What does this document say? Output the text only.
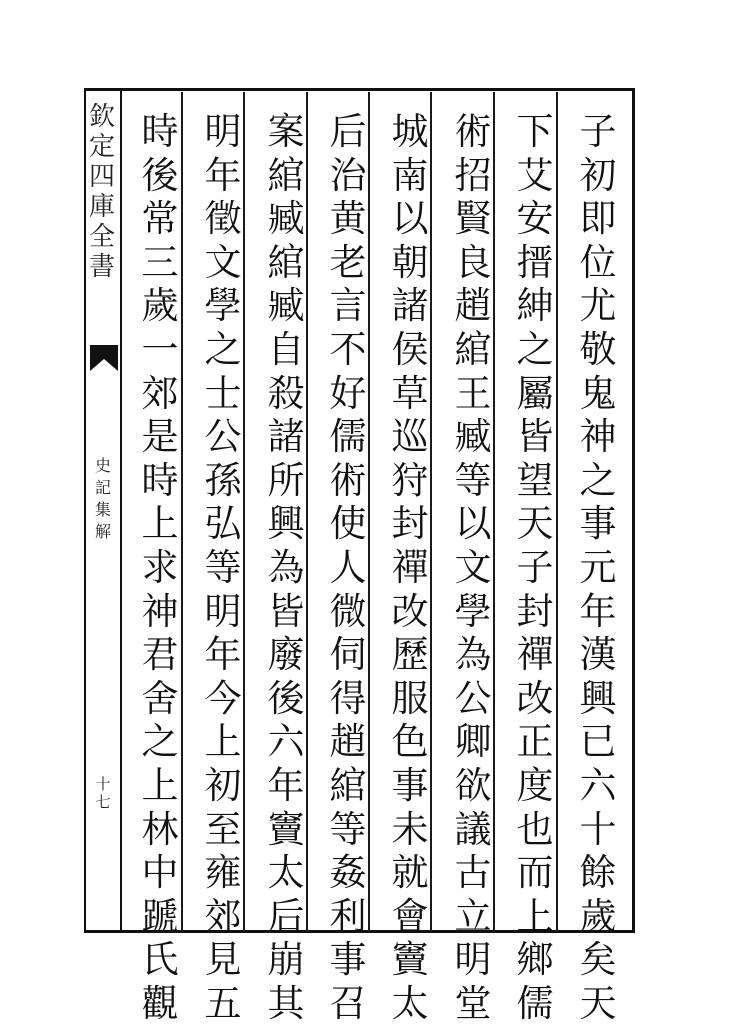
欽
定
四
庫
全
書
史
記
集
解
十
七
子
初
即
位
尤
敬
鬼
神
之
事
元
年
漢
興
已
六
十
餘
歲
矣
天
下
艾
安
搢
紳
之
屬
皆
望
天
子
封
禪
改
正
度
也
而
上
鄉
儒
術
招
賢
良
趙
綰
王
臧
等
以
文
學
為
公
卿
欲
議
古
立
明
堂
城
南
以
朝
諸
侯
草
巡
狩
封
禪
改
歷
服
色
事
未
就
會
竇
太
后
治
黄
老
言
不
好
儒
術
使
人
微
伺
得
趙
綰
等
姦
利
事
召
案
綰
臧
綰
臧
自
殺
諸
所
興
為
皆
廢
後
六
年
竇
太
后
崩
其
明
年
徵
文
學
之
士
公
孫
弘
等
明
年
今
上
初
至
雍
郊
見
五
時
後
常
三
歲
一
郊
是
時
上
求
神
君
舍
之
上
林
中
蹏
氏
觀
